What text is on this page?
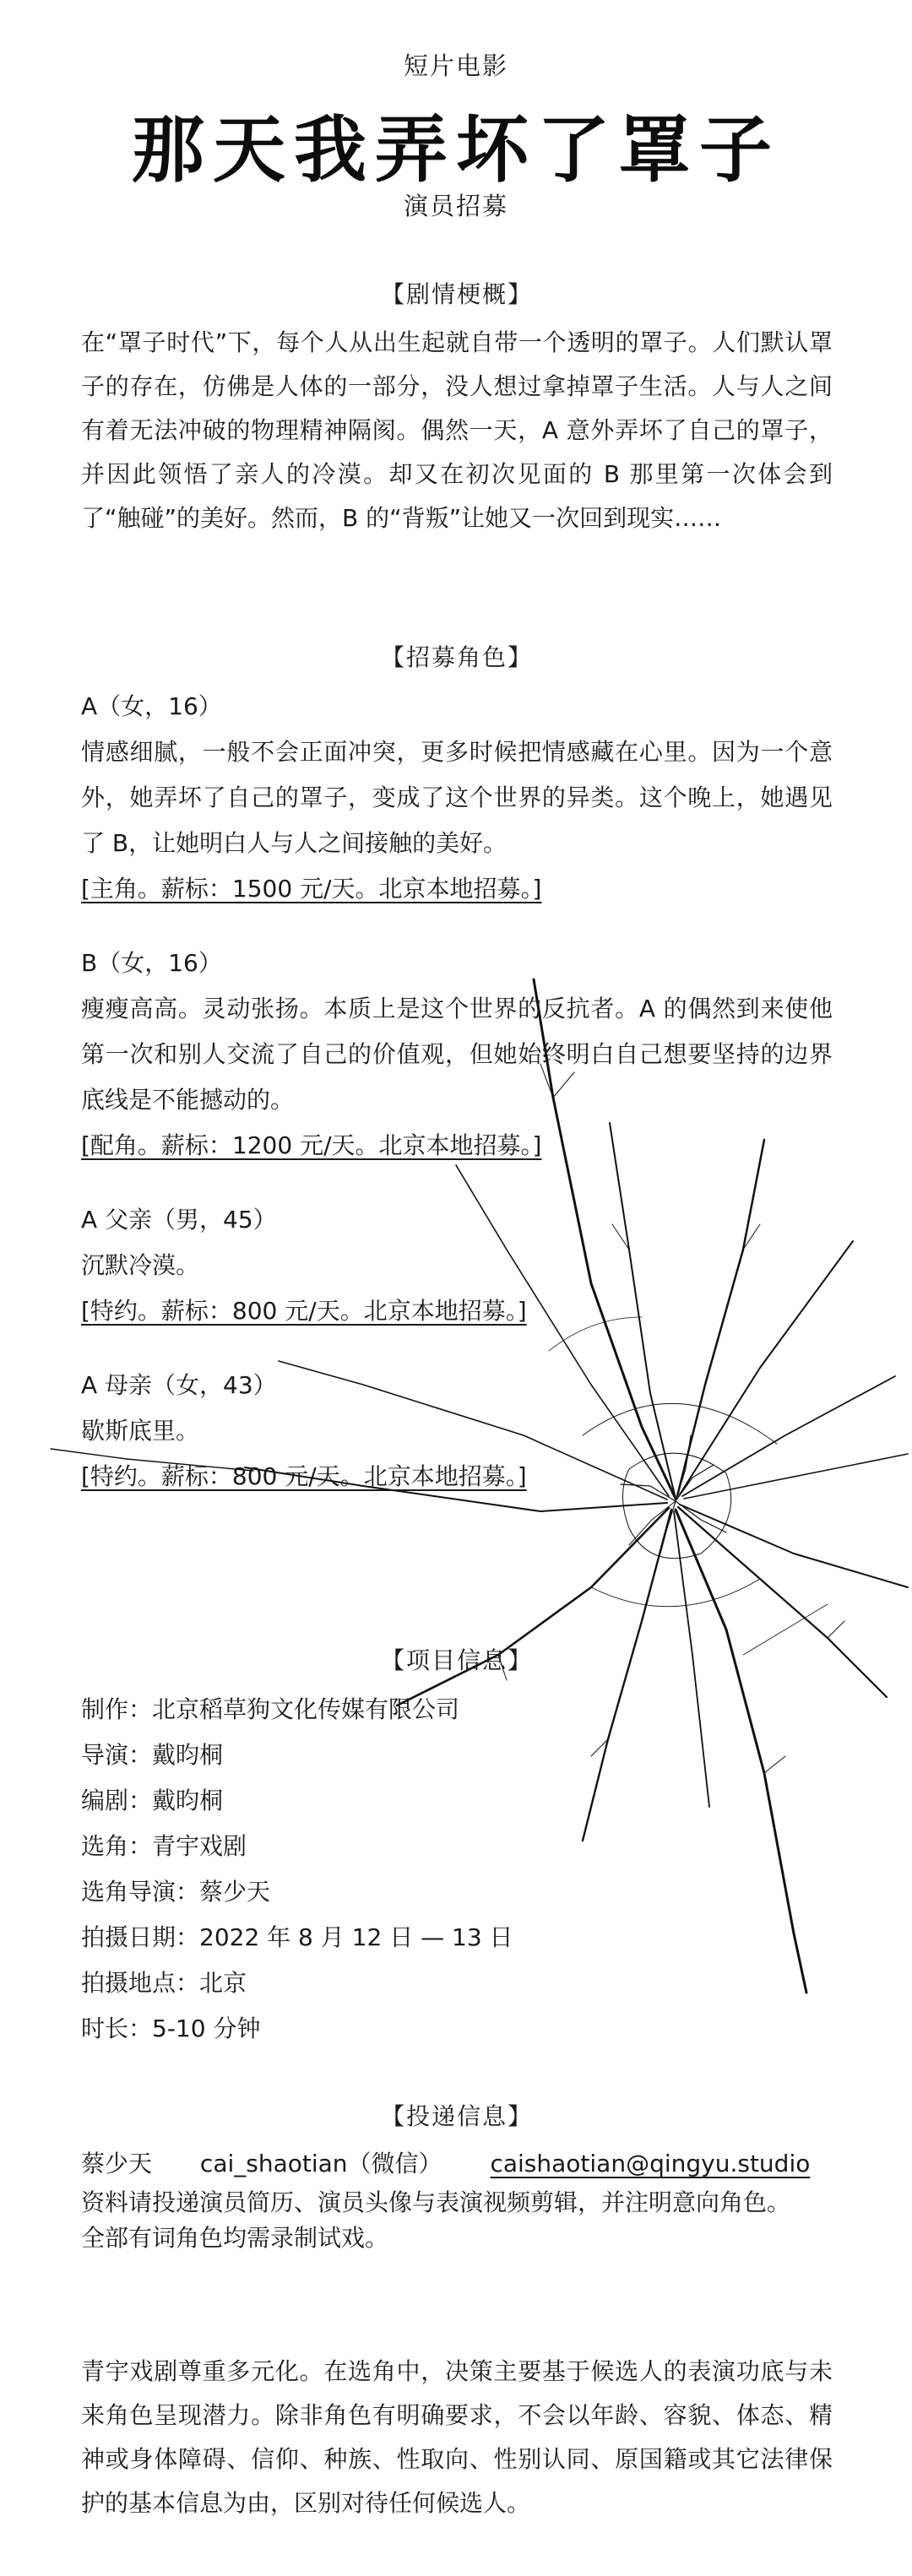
短片电影
那天我弄坏了罩子
演员招募
【剧情梗概】

在“罩子时代”下，每个人从出生起就自带一个透明的罩子。人们默认罩子的存在，仿佛是人体的一部分，没人想过拿掉罩子生活。人与人之间有着无法冲破的物理精神隔阂。偶然一天，A 意外弄坏了自己的罩子，并因此领悟了亲人的冷漠。却又在初次见面的 B 那里第一次体会到了“触碰”的美好。然而，B 的“背叛”让她又一次回到现实……

【招募角色】

A（女，16）

情感细腻，一般不会正面冲突，更多时候把情感藏在心里。因为一个意外，她弄坏了自己的罩子，变成了这个世界的异类。这个晚上，她遇见了 B，让她明白人与人之间接触的美好。

[主角。薪标：1500 元/天。北京本地招募。]

B（女，16）

瘦瘦高高。灵动张扬。本质上是这个世界的反抗者。A 的偶然到来使他第一次和别人交流了自己的价值观，但她始终明白自己想要坚持的边界底线是不能撼动的。

[配角。薪标：1200 元/天。北京本地招募。]

A 父亲（男，45）

沉默冷漠。

[特约。薪标：800 元/天。北京本地招募。]

A 母亲（女，43）

歇斯底里。

[特约。薪标：800 元/天。北京本地招募。]

【项目信息】

制作：北京稻草狗文化传媒有限公司

导演：戴昀桐

编剧：戴昀桐

选角：青宇戏剧

选角导演：蔡少天

拍摄日期：2022 年 8 月 12 日 — 13 日

拍摄地点：北京

时长：5-10 分钟

【投递信息】
蔡少天 cai_shaotian（微信） caishaotian@qingyu.studio

资料请投递演员简历、演员头像与表演视频剪辑，并注明意向角色。

全部有词角色均需录制试戏。

青宇戏剧尊重多元化。在选角中，决策主要基于候选人的表演功底与未来角色呈现潜力。除非角色有明确要求，不会以年龄、容貌、体态、精神或身体障碍、信仰、种族、性取向、性别认同、原国籍或其它法律保护的基本信息为由，区别对待任何候选人。
